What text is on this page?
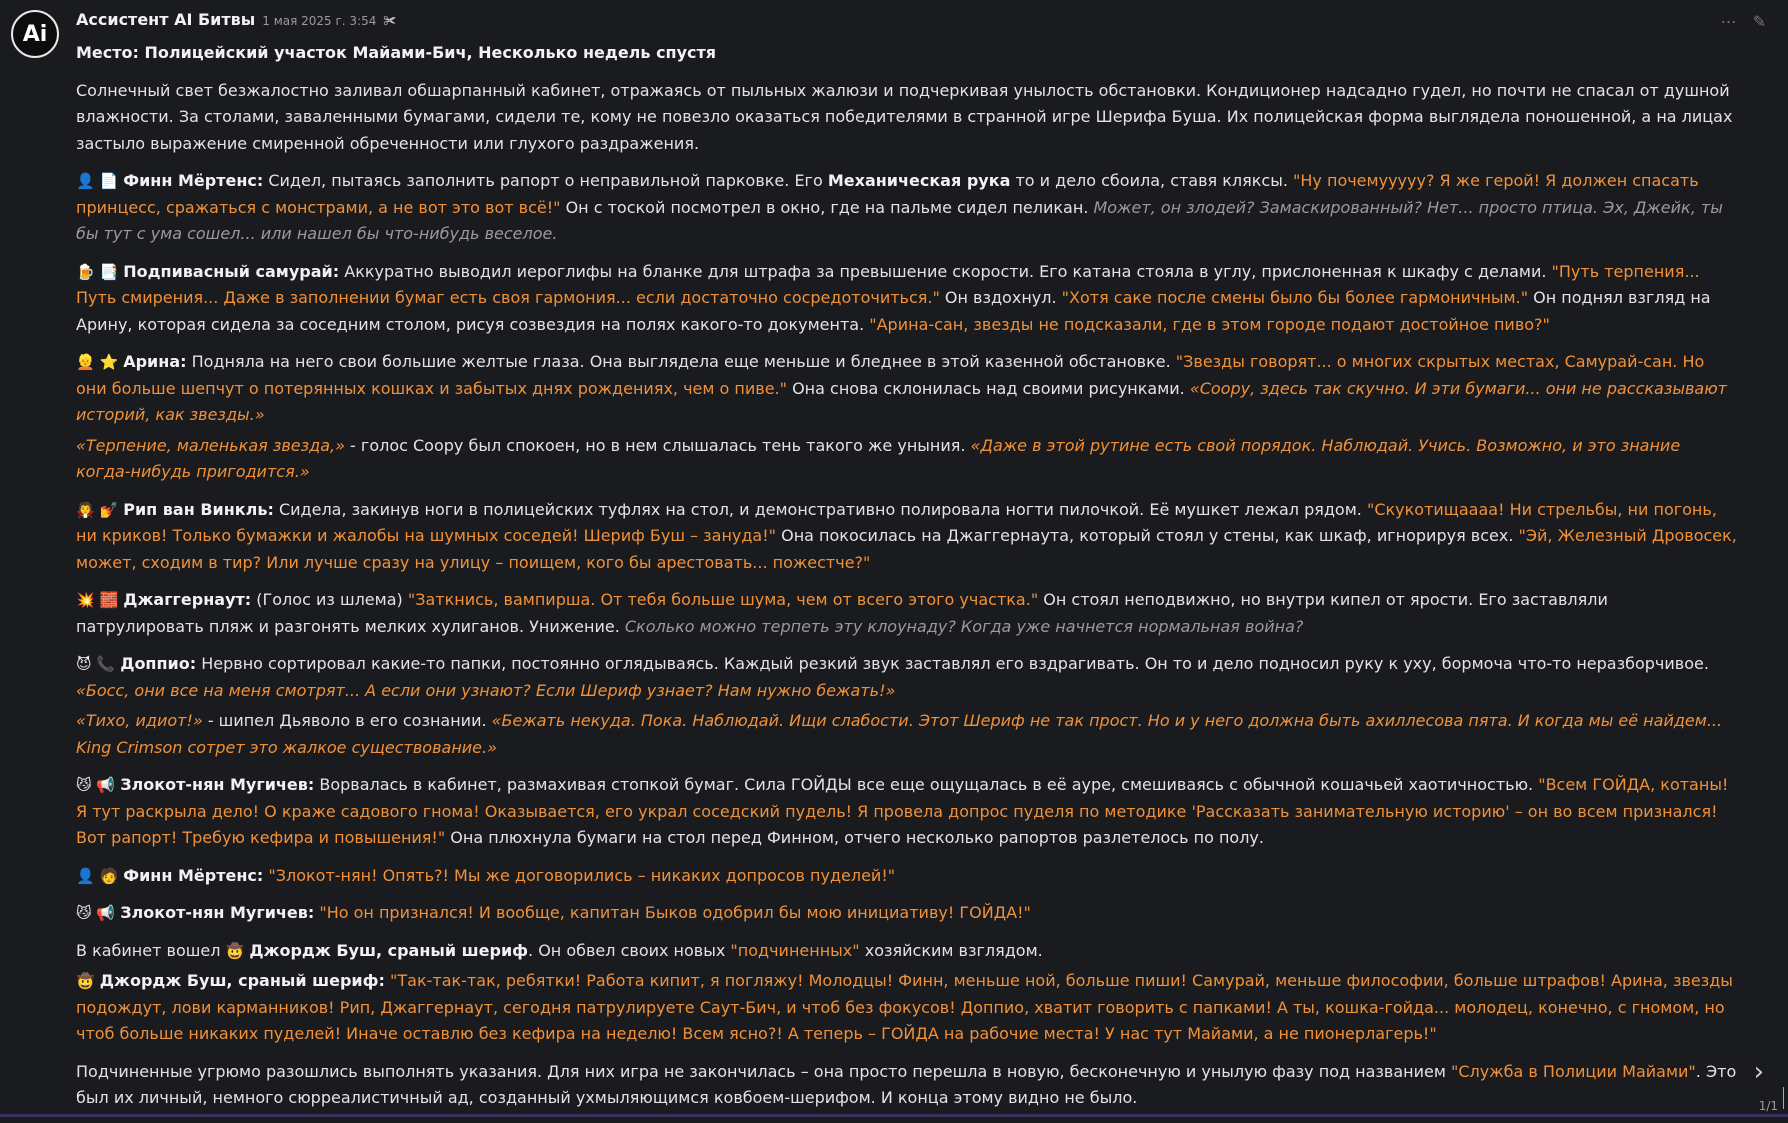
Ai
Ассистент AI Битвы 1 мая 2025 г. 3:54 ✀	⋯ ✎

Место: Полицейский участок Майами-Бич, Несколько недель спустя

Солнечный свет безжалостно заливал обшарпанный кабинет, отражаясь от пыльных жалюзи и подчеркивая унылость обстановки. Кондиционер надсадно гудел, но почти не спасал от душной влажности. За столами, заваленными бумагами, сидели те, кому не повезло оказаться победителями в странной игре Шерифа Буша. Их полицейская форма выглядела поношенной, а на лицах застыло выражение смиренной обреченности или глухого раздражения.

👤 📄 Финн Мёртенс: Сидел, пытаясь заполнить рапорт о неправильной парковке. Его Механическая рука то и дело сбоила, ставя кляксы. "Ну почемууууу? Я же герой! Я должен спасать принцесс, сражаться с монстрами, а не вот это вот всё!" Он с тоской посмотрел в окно, где на пальме сидел пеликан. Может, он злодей? Замаскированный? Нет... просто птица. Эх, Джейк, ты бы тут с ума сошел... или нашел бы что-нибудь веселое.

🍺 📑 Подпивасный самурай: Аккуратно выводил иероглифы на бланке для штрафа за превышение скорости. Его катана стояла в углу, прислоненная к шкафу с делами. "Путь терпения... Путь смирения... Даже в заполнении бумаг есть своя гармония... если достаточно сосредоточиться." Он вздохнул. "Хотя саке после смены было бы более гармоничным." Он поднял взгляд на Арину, которая сидела за соседним столом, рисуя созвездия на полях какого-то документа. "Арина-сан, звезды не подсказали, где в этом городе подают достойное пиво?"

👱 ⭐ Арина: Подняла на него свои большие желтые глаза. Она выглядела еще меньше и бледнее в этой казенной обстановке. "Звезды говорят... о многих скрытых местах, Самурай-сан. Но они больше шепчут о потерянных кошках и забытых днях рождениях, чем о пиве." Она снова склонилась над своими рисунками. «Соору, здесь так скучно. И эти бумаги... они не рассказывают историй, как звезды.»

«Терпение, маленькая звезда,» - голос Соору был спокоен, но в нем слышалась тень такого же уныния. «Даже в этой рутине есть свой порядок. Наблюдай. Учись. Возможно, и это знание когда-нибудь пригодится.»

🧛 💅 Рип ван Винкль: Сидела, закинув ноги в полицейских туфлях на стол, и демонстративно полировала ногти пилочкой. Её мушкет лежал рядом. "Скукотищаааа! Ни стрельбы, ни погонь, ни криков! Только бумажки и жалобы на шумных соседей! Шериф Буш – зануда!" Она покосилась на Джаггернаута, который стоял у стены, как шкаф, игнорируя всех. "Эй, Железный Дровосек, может, сходим в тир? Или лучше сразу на улицу – поищем, кого бы арестовать... пожестче?"

💥 🧱 Джаггернаут: (Голос из шлема) "Заткнись, вампирша. От тебя больше шума, чем от всего этого участка." Он стоял неподвижно, но внутри кипел от ярости. Его заставляли патрулировать пляж и разгонять мелких хулиганов. Унижение. Сколько можно терпеть эту клоунаду? Когда уже начнется нормальная война?

😈 📞 Доппио: Нервно сортировал какие-то папки, постоянно оглядываясь. Каждый резкий звук заставлял его вздрагивать. Он то и дело подносил руку к уху, бормоча что-то неразборчивое. «Босс, они все на меня смотрят... А если они узнают? Если Шериф узнает? Нам нужно бежать!»

«Тихо, идиот!» - шипел Дьяволо в его сознании. «Бежать некуда. Пока. Наблюдай. Ищи слабости. Этот Шериф не так прост. Но и у него должна быть ахиллесова пята. И когда мы её найдем... King Crimson сотрет это жалкое существование.»

😼 📢 Злокот-нян Мугичев: Ворвалась в кабинет, размахивая стопкой бумаг. Сила ГОЙДЫ все еще ощущалась в её ауре, смешиваясь с обычной кошачьей хаотичностью. "Всем ГОЙДА, котаны! Я тут раскрыла дело! О краже садового гнома! Оказывается, его украл соседский пудель! Я провела допрос пуделя по методике 'Рассказать занимательную историю' – он во всем признался! Вот рапорт! Требую кефира и повышения!" Она плюхнула бумаги на стол перед Финном, отчего несколько рапортов разлетелось по полу.

👤 🧑 Финн Мёртенс: "Злокот-нян! Опять?! Мы же договорились – никаких допросов пуделей!"

😼 📢 Злокот-нян Мугичев: "Но он признался! И вообще, капитан Быков одобрил бы мою инициативу! ГОЙДА!"

В кабинет вошел 🤠 Джордж Буш, сраный шериф. Он обвел своих новых "подчиненных" хозяйским взглядом.

🤠 Джордж Буш, сраный шериф: "Так-так-так, ребятки! Работа кипит, я погляжу! Молодцы! Финн, меньше ной, больше пиши! Самурай, меньше философии, больше штрафов! Арина, звезды подождут, лови карманников! Рип, Джаггернаут, сегодня патрулируете Саут-Бич, и чтоб без фокусов! Доппио, хватит говорить с папками! А ты, кошка-гойда... молодец, конечно, с гномом, но чтоб больше никаких пуделей! Иначе оставлю без кефира на неделю! Всем ясно?! А теперь – ГОЙДА на рабочие места! У нас тут Майами, а не пионерлагерь!"

Подчиненные угрюмо разошлись выполнять указания. Для них игра не закончилась – она просто перешла в новую, бесконечную и унылую фазу под названием "Служба в Полиции Майами". Это был их личный, немного сюрреалистичный ад, созданный ухмыляющимся ковбоем-шерифом. И конца этому видно не было.

›
1/1
